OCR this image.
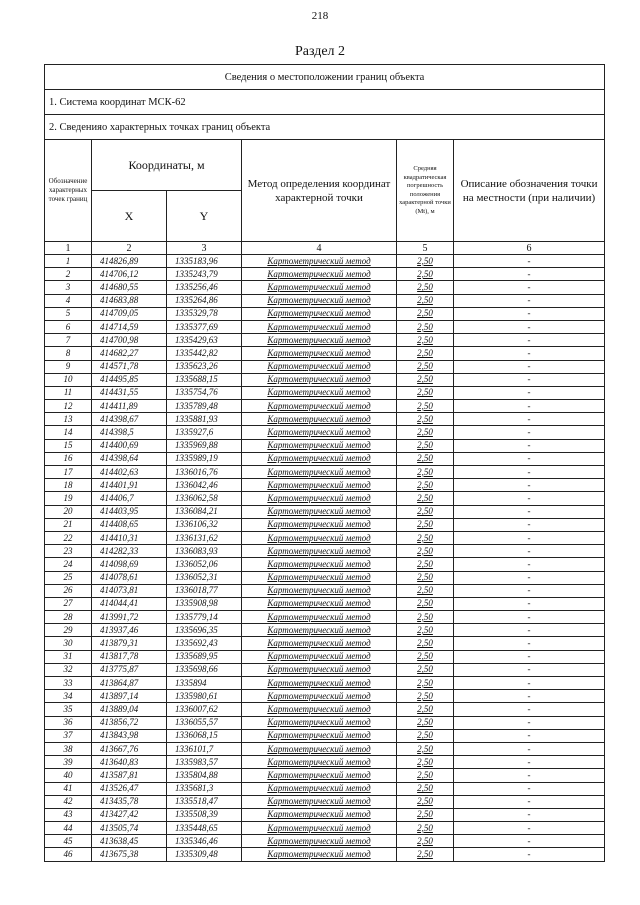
218
Раздел 2
Сведения о местоположении границ объекта					
1. Система координат МСК-62					
2. Сведенияо характерных точках границ объекта					
Обозначение характерных точек границ	Координаты, м		Метод определения координат характерной точки	Средняя квадратическая погрешность положения характерной точки (Mt), м	Описание обозначения точки на местности (при наличии)
	X	Y			
1	2	3	4	5	6
1	414826,89	1335183,96	Картометрический метод	2,50	-
2	414706,12	1335243,79	Картометрический метод	2,50	-
3	414680,55	1335256,46	Картометрический метод	2,50	-
4	414683,88	1335264,86	Картометрический метод	2,50	-
5	414709,05	1335329,78	Картометрический метод	2,50	-
6	414714,59	1335377,69	Картометрический метод	2,50	-
7	414700,98	1335429,63	Картометрический метод	2,50	-
8	414682,27	1335442,82	Картометрический метод	2,50	-
9	414571,78	1335623,26	Картометрический метод	2,50	-
10	414495,85	1335688,15	Картометрический метод	2,50	-
11	414431,55	1335754,76	Картометрический метод	2,50	-
12	414411,89	1335789,48	Картометрический метод	2,50	-
13	414398,67	1335881,93	Картометрический метод	2,50	-
14	414398,5	1335927,6	Картометрический метод	2,50	-
15	414400,69	1335969,88	Картометрический метод	2,50	-
16	414398,64	1335989,19	Картометрический метод	2,50	-
17	414402,63	1336016,76	Картометрический метод	2,50	-
18	414401,91	1336042,46	Картометрический метод	2,50	-
19	414406,7	1336062,58	Картометрический метод	2,50	-
20	414403,95	1336084,21	Картометрический метод	2,50	-
21	414408,65	1336106,32	Картометрический метод	2,50	-
22	414410,31	1336131,62	Картометрический метод	2,50	-
23	414282,33	1336083,93	Картометрический метод	2,50	-
24	414098,69	1336052,06	Картометрический метод	2,50	-
25	414078,61	1336052,31	Картометрический метод	2,50	-
26	414073,81	1336018,77	Картометрический метод	2,50	-
27	414044,41	1335908,98	Картометрический метод	2,50	-
28	413991,72	1335779,14	Картометрический метод	2,50	-
29	413937,46	1335696,35	Картометрический метод	2,50	-
30	413879,31	1335692,43	Картометрический метод	2,50	-
31	413817,78	1335689,95	Картометрический метод	2,50	-
32	413775,87	1335698,66	Картометрический метод	2,50	-
33	413864,87	1335894	Картометрический метод	2,50	-
34	413897,14	1335980,61	Картометрический метод	2,50	-
35	413889,04	1336007,62	Картометрический метод	2,50	-
36	413856,72	1336055,57	Картометрический метод	2,50	-
37	413843,98	1336068,15	Картометрический метод	2,50	-
38	413667,76	1336101,7	Картометрический метод	2,50	-
39	413640,83	1335983,57	Картометрический метод	2,50	-
40	413587,81	1335804,88	Картометрический метод	2,50	-
41	413526,47	1335681,3	Картометрический метод	2,50	-
42	413435,78	1335518,47	Картометрический метод	2,50	-
43	413427,42	1335508,39	Картометрический метод	2,50	-
44	413505,74	1335448,65	Картометрический метод	2,50	-
45	413638,45	1335346,46	Картометрический метод	2,50	-
46	413675,38	1335309,48	Картометрический метод	2,50	-
